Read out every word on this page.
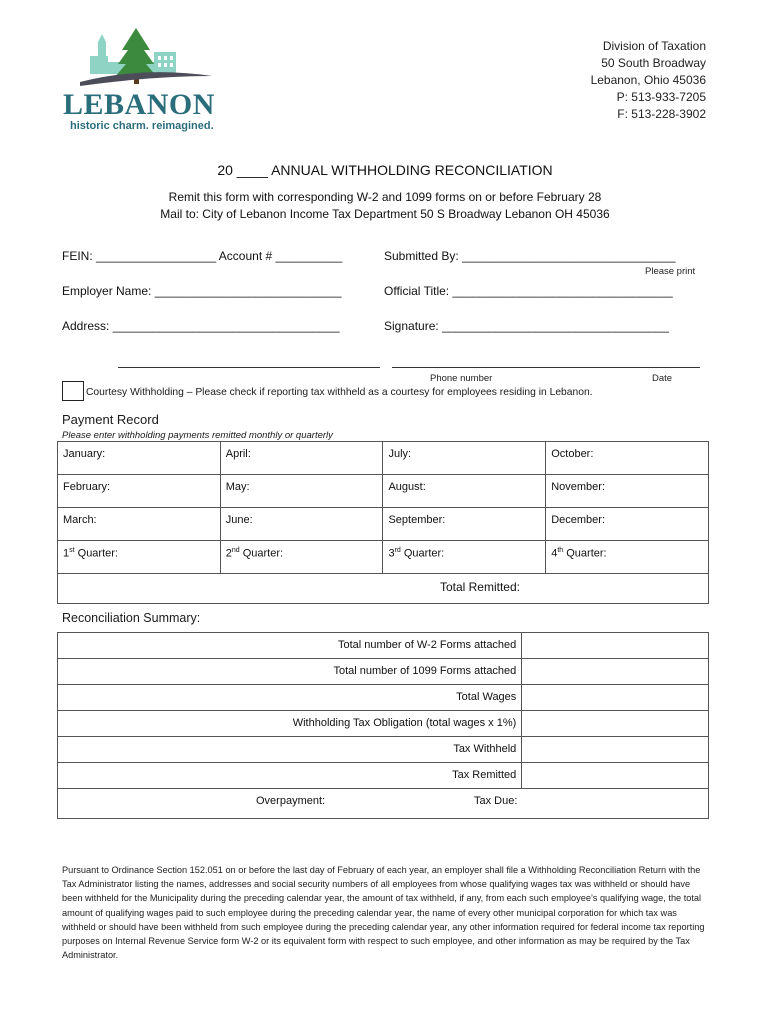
LEBANON
historic charm. reimagined.
Division of Taxation
50 South Broadway
Lebanon, Ohio 45036
P: 513-933-7205
F: 513-228-3902
20 ____ ANNUAL WITHHOLDING RECONCILIATION
Remit this form with corresponding W-2 and 1099 forms on or before February 28
Mail to: City of Lebanon Income Tax Department 50 S Broadway Lebanon OH 45036
FEIN: __________________ Account # __________	Submitted By: ________________________________
Please print
Employer Name: ____________________________	Official Title: _________________________________
Address: __________________________________	Signature: __________________________________
Phone number	Date
Courtesy Withholding – Please check if reporting tax withheld as a courtesy for employees residing in Lebanon.
Payment Record
Please enter withholding payments remitted monthly or quarterly
January:	April:	July:	October:
February:	May:	August:	November:
March:	June:	September:	December:
1st Quarter:	2nd Quarter:	3rd Quarter:	4th Quarter:
Total Remitted:			
Reconciliation Summary:
Total number of W-2 Forms attached	
Total number of 1099 Forms attached	
Total Wages	
Withholding Tax Obligation (total wages x 1%)	
Tax Withheld	
Tax Remitted	

Overpayment: Tax Due:	
Pursuant to Ordinance Section 152.051 on or before the last day of February of each year, an employer shall file a Withholding Reconciliation Return with the Tax Administrator listing the names, addresses and social security numbers of all employees from whose qualifying wages tax was withheld or should have been withheld for the Municipality during the preceding calendar year, the amount of tax withheld, if any, from each such employee’s qualifying wage, the total amount of qualifying wages paid to such employee during the preceding calendar year, the name of every other municipal corporation for which tax was withheld or should have been withheld from such employee during the preceding calendar year, any other information required for federal income tax reporting purposes on Internal Revenue Service form W-2 or its equivalent form with respect to such employee, and other information as may be required by the Tax Administrator.
